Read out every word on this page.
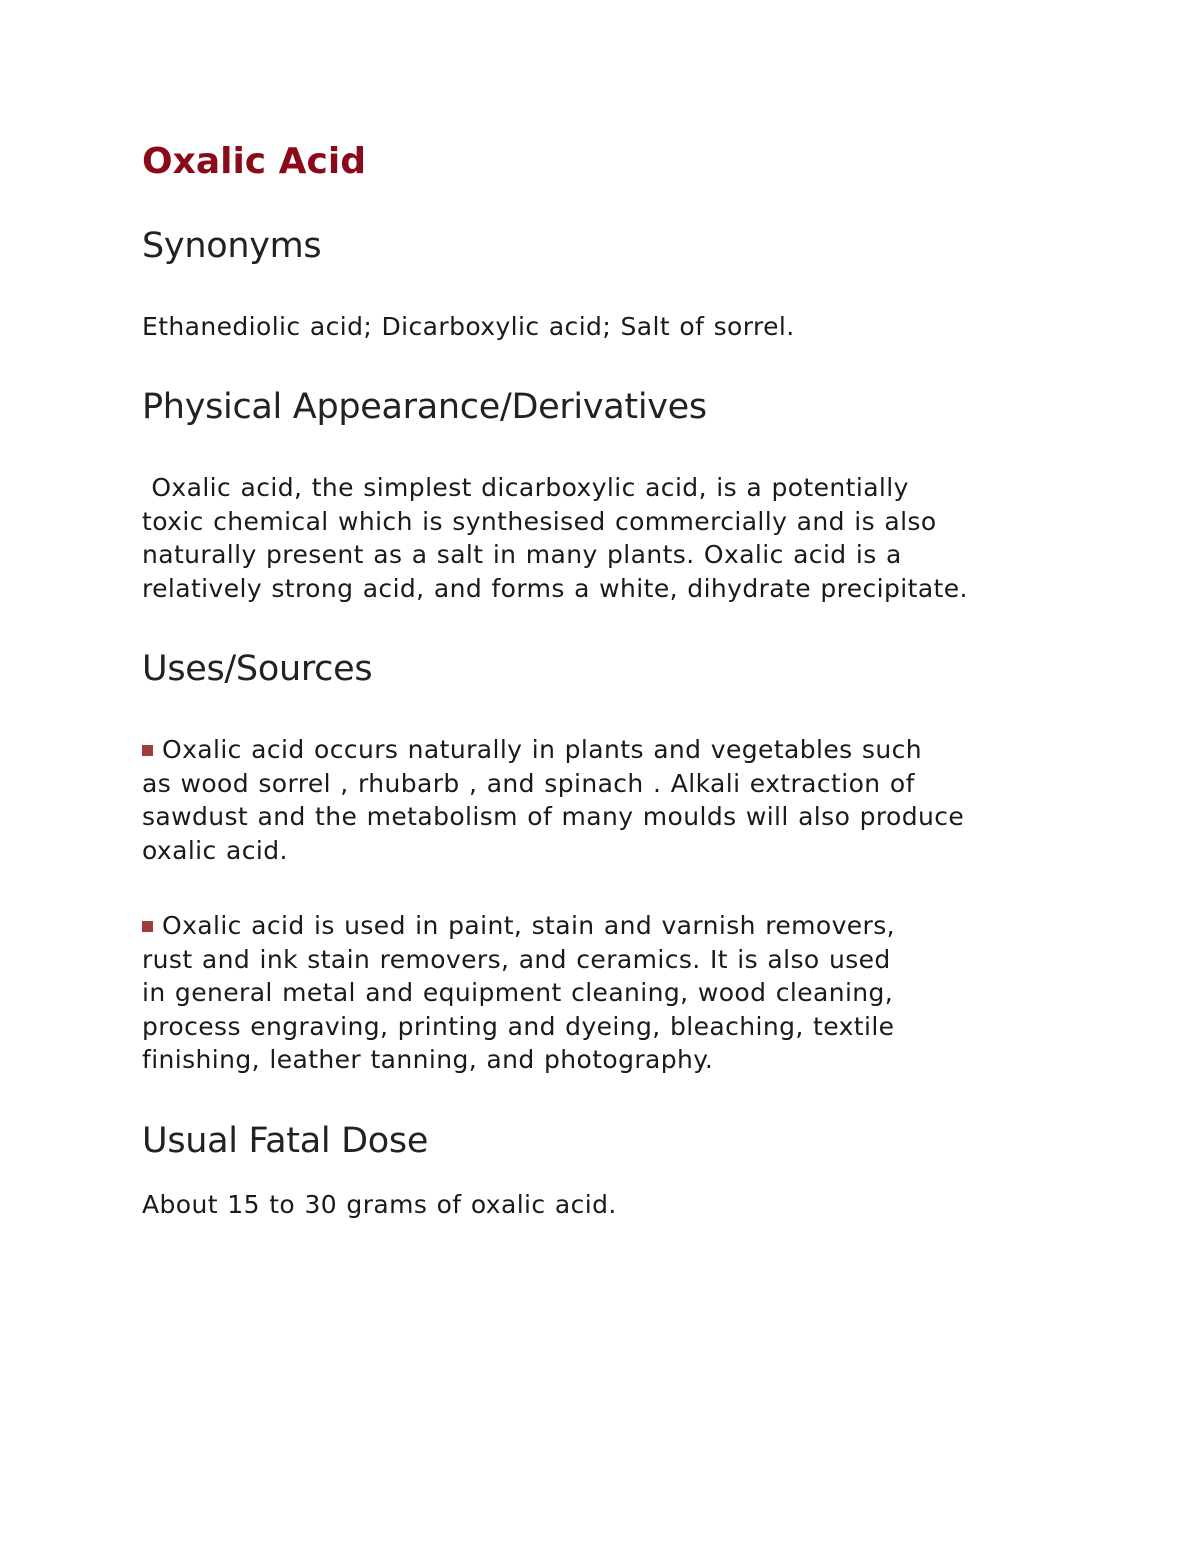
Oxalic Acid
Synonyms

Ethanediolic acid; Dicarboxylic acid; Salt of sorrel.

Physical Appearance/Derivatives

Oxalic acid, the simplest dicarboxylic acid, is a potentially
toxic chemical which is synthesised commercially and is also
naturally present as a salt in many plants. Oxalic acid is a
relatively strong acid, and forms a white, dihydrate precipitate.

Uses/Sources

Oxalic acid occurs naturally in plants and vegetables such
as wood sorrel , rhubarb , and spinach . Alkali extraction of
sawdust and the metabolism of many moulds will also produce
oxalic acid.

Oxalic acid is used in paint, stain and varnish removers,
rust and ink stain removers, and ceramics. It is also used
in general metal and equipment cleaning, wood cleaning,
process engraving, printing and dyeing, bleaching, textile
finishing, leather tanning, and photography.

Usual Fatal Dose

About 15 to 30 grams of oxalic acid.
